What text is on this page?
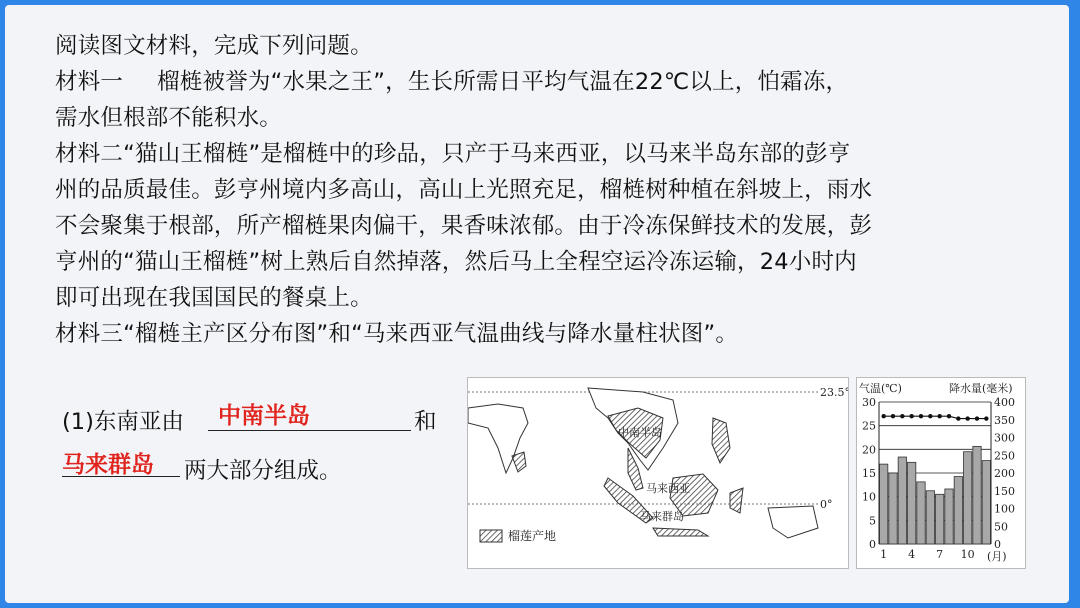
阅读图文材料，完成下列问题。

材料一 榴梿被誉为“水果之王”，生长所需日平均气温在22℃以上，怕霜冻，

需水但根部不能积水。

材料二“猫山王榴梿”是榴梿中的珍品，只产于马来西亚，以马来半岛东部的彭亨

州的品质最佳。彭亨州境内多高山，高山上光照充足，榴梿树种植在斜坡上，雨水

不会聚集于根部，所产榴梿果肉偏干，果香味浓郁。由于冷冻保鲜技术的发展，彭

亨州的“猫山王榴梿”树上熟后自然掉落，然后马上全程空运冷冻运输，24小时内

即可出现在我国国民的餐桌上。

材料三“榴梿主产区分布图”和“马来西亚气温曲线与降水量柱状图”。

(1)东南亚由 中南半岛	和
马来群岛 两大部分组成。
23.5°
0°
中南半岛
马来西亚
马来群岛
榴莲产地
气温(℃)	降水量(毫米)
(月)
0
5
10
15
20
25
30
0
50
100
150
200
250
300
350
400
1 4 7 10
